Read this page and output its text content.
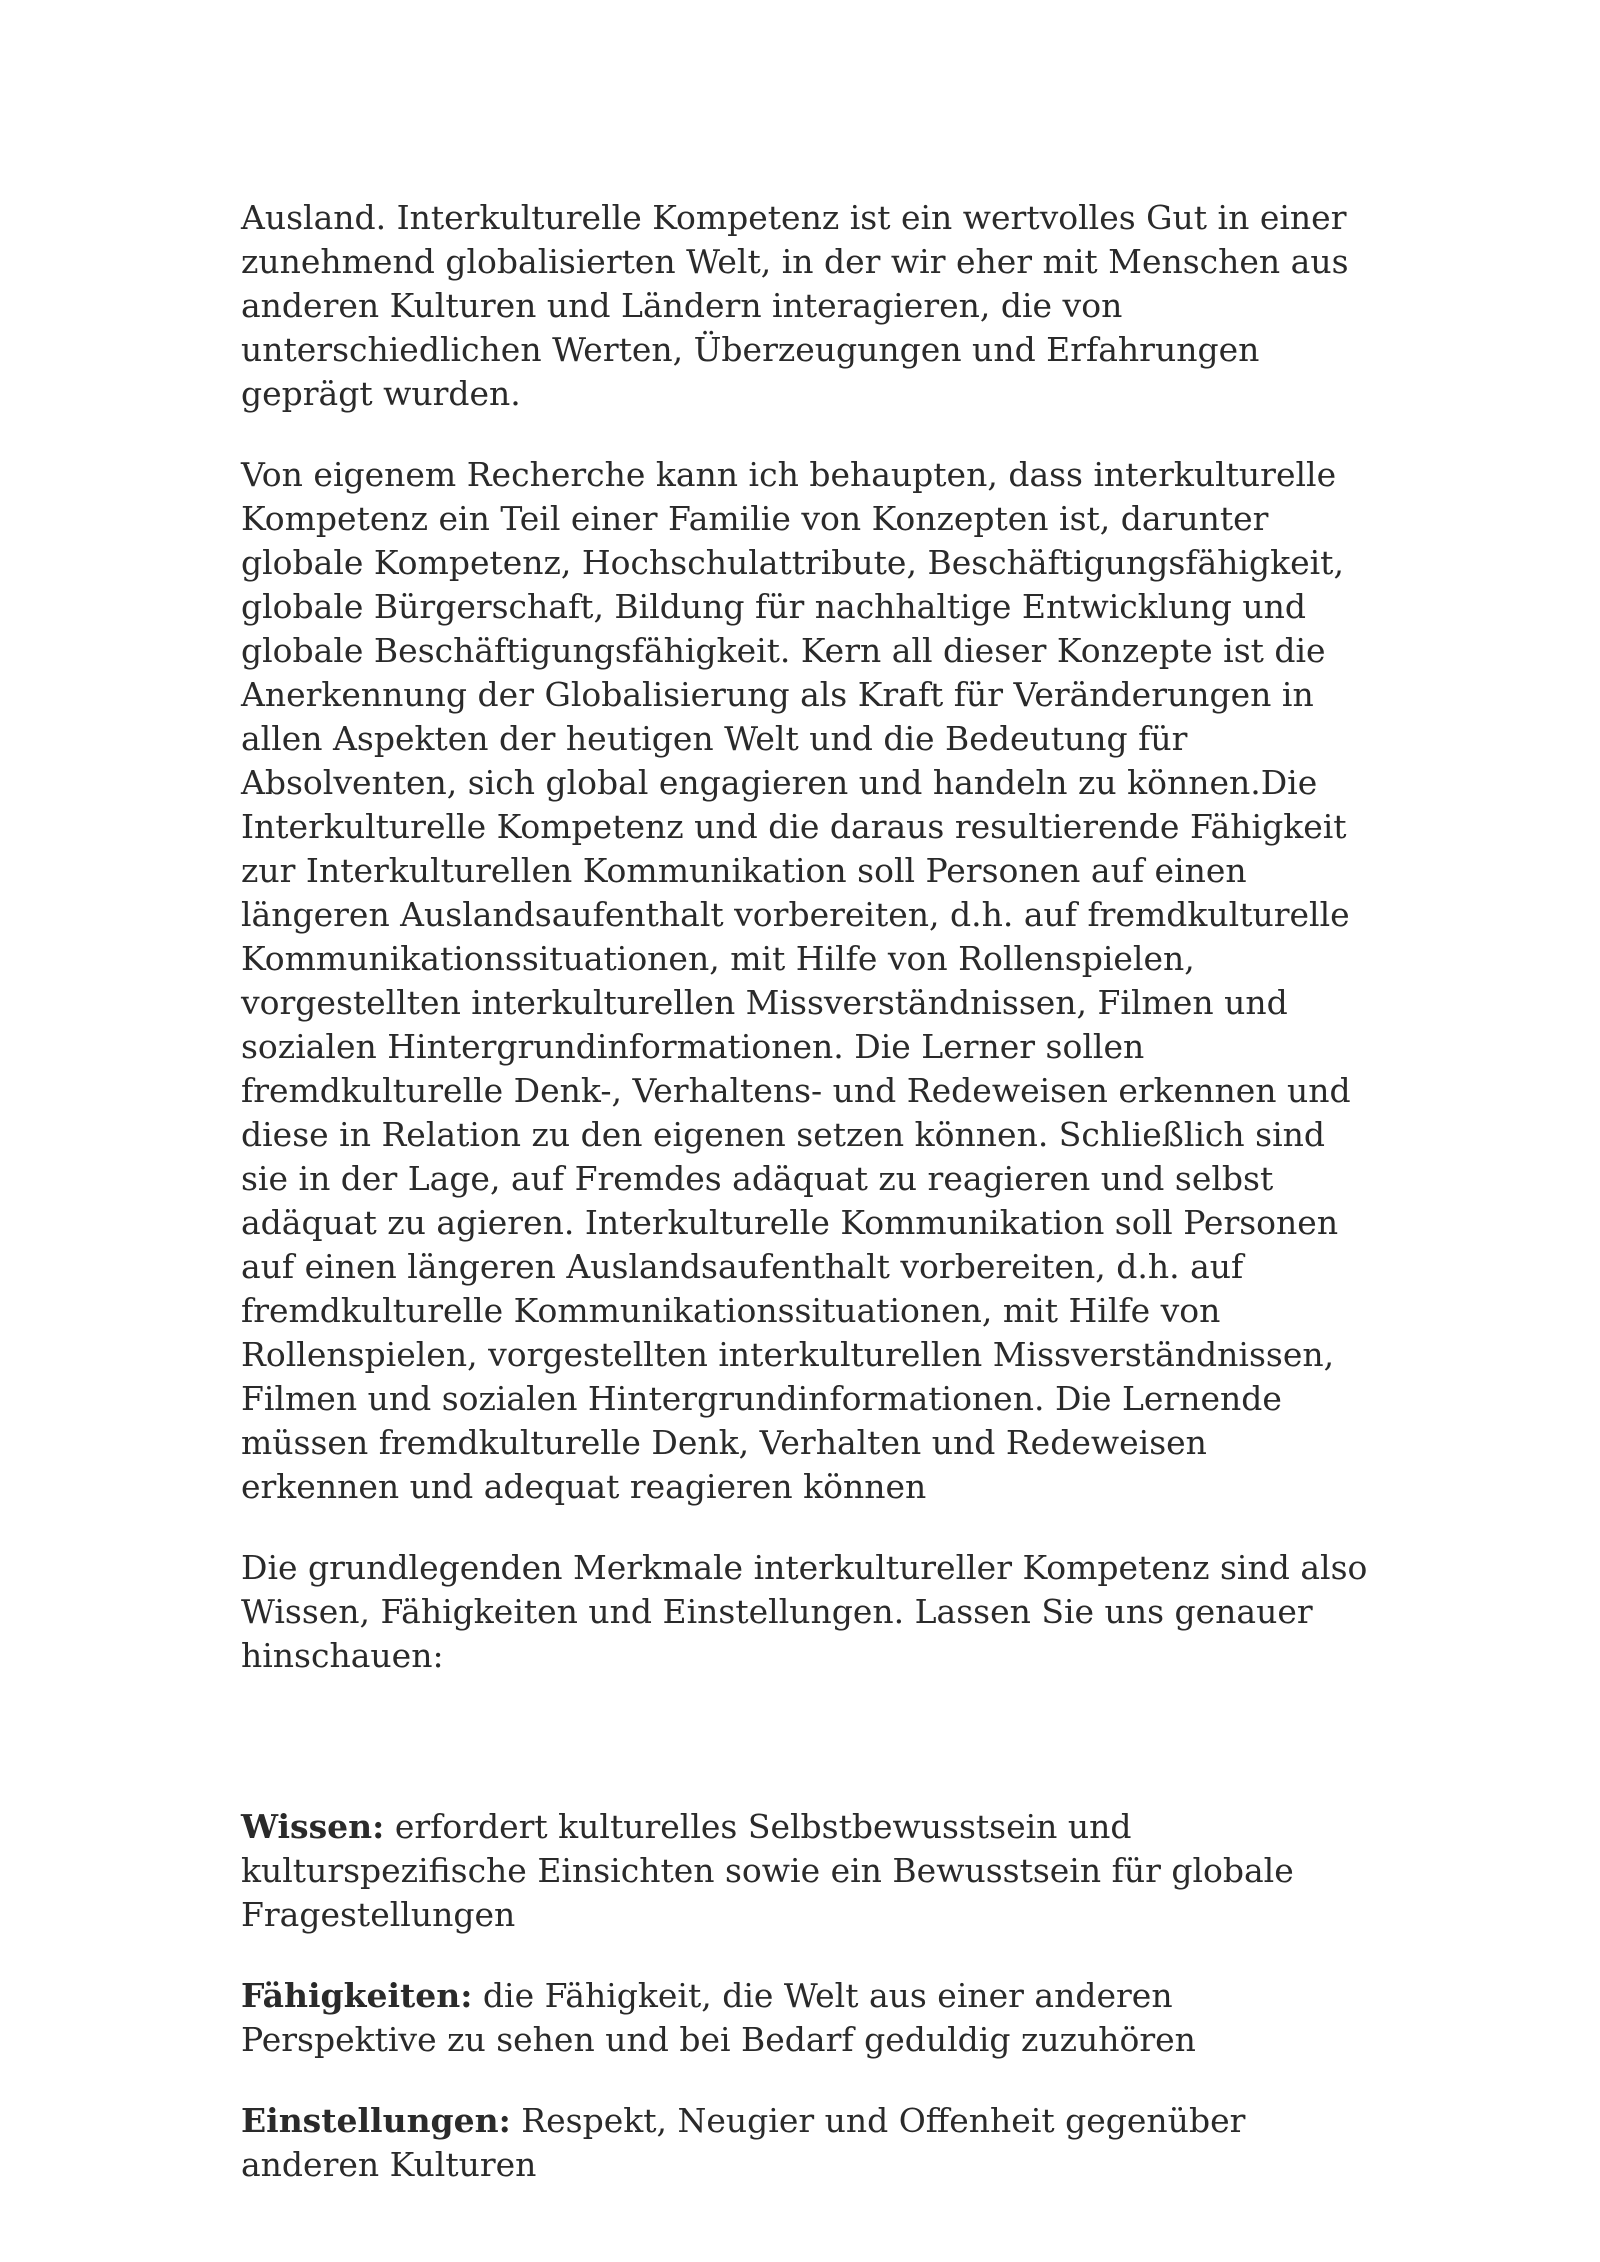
Ausland. Interkulturelle Kompetenz ist ein wertvolles Gut in einer zunehmend globalisierten Welt, in der wir eher mit Menschen aus anderen Kulturen und Ländern interagieren, die von unterschiedlichen Werten, Überzeugungen und Erfahrungen geprägt wurden.

Von eigenem Recherche kann ich behaupten, dass interkulturelle Kompetenz ein Teil einer Familie von Konzepten ist, darunter globale Kompetenz, Hochschulattribute, Beschäftigungsfähigkeit, globale Bürgerschaft, Bildung für nachhaltige Entwicklung und globale Beschäftigungsfähigkeit. Kern all dieser Konzepte ist die Anerkennung der Globalisierung als Kraft für Veränderungen in allen Aspekten der heutigen Welt und die Bedeutung für Absolventen, sich global engagieren und handeln zu können.Die Interkulturelle Kompetenz und die daraus resultierende Fähigkeit zur Interkulturellen Kommunikation soll Personen auf einen längeren Auslandsaufenthalt vorbereiten, d.h. auf fremdkulturelle Kommunikationssituationen, mit Hilfe von Rollenspielen, vorgestellten interkulturellen Missverständnissen, Filmen und sozialen Hintergrundinformationen. Die Lerner sollen fremdkulturelle Denk-, Verhaltens- und Redeweisen erkennen und diese in Relation zu den eigenen setzen können. Schließlich sind sie in der Lage, auf Fremdes adäquat zu reagieren und selbst adäquat zu agieren. Interkulturelle Kommunikation soll Personen auf einen längeren Auslandsaufenthalt vorbereiten, d.h. auf fremdkulturelle Kommunikationssituationen, mit Hilfe von Rollenspielen, vorgestellten interkulturellen Missverständnissen, Filmen und sozialen Hintergrundinformationen. Die Lernende müssen fremdkulturelle Denk, Verhalten und Redeweisen erkennen und adequat reagieren können

Die grundlegenden Merkmale interkultureller Kompetenz sind also Wissen, Fähigkeiten und Einstellungen. Lassen Sie uns genauer hinschauen:

Wissen: erfordert kulturelles Selbstbewusstsein und kulturspezifische Einsichten sowie ein Bewusstsein für globale Fragestellungen

Fähigkeiten: die Fähigkeit, die Welt aus einer anderen Perspektive zu sehen und bei Bedarf geduldig zuzuhören

Einstellungen: Respekt, Neugier und Offenheit gegenüber anderen Kulturen
